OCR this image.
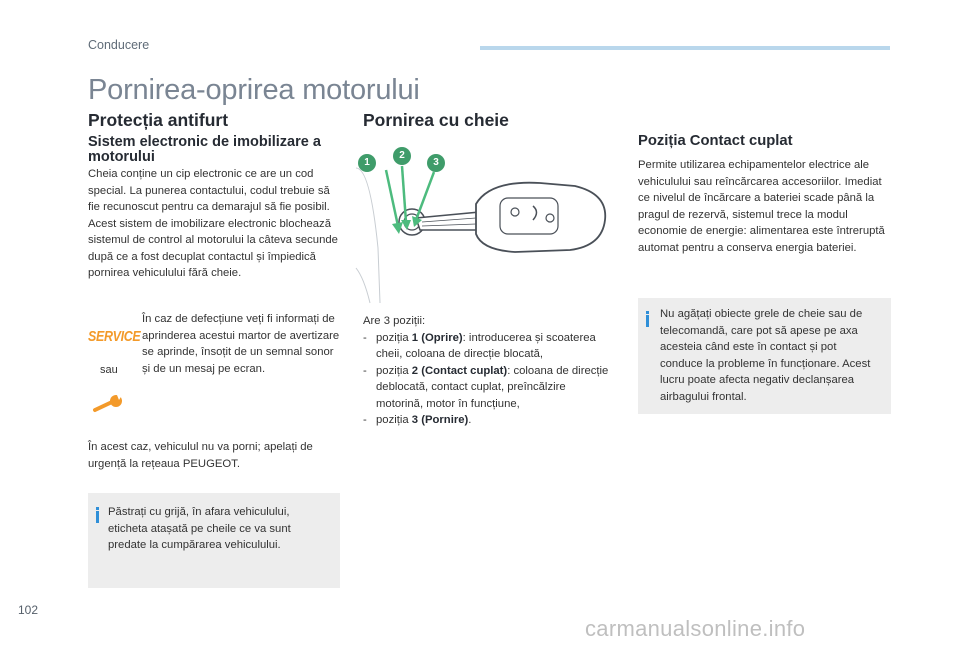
Conducere
Pornirea-oprirea motorului
Protecția antifurt
Sistem electronic de imobilizare a motorului
Cheia conține un cip electronic ce are un cod special. La punerea contactului, codul trebuie să fie recunoscut pentru ca demarajul să fie posibil.
Acest sistem de imobilizare electronic blochează sistemul de control al motorului la câteva secunde după ce a fost decuplat contactul și împiedică pornirea vehiculului fără cheie.
SERVICE
sau
În caz de defecțiune veți fi informați de aprinderea acestui martor de avertizare se aprinde, însoțit de un semnal sonor și de un mesaj pe ecran.
În acest caz, vehiculul nu va porni; apelați de urgență la rețeaua PEUGEOT.
Păstrați cu grijă, în afara vehiculului, eticheta atașată pe cheile ce va sunt predate la cumpărarea vehiculului.
Pornirea cu cheie
1
2
3
Are 3 poziții:
- poziția 1 (Oprire): introducerea și scoaterea cheii, coloana de direcție blocată,
- poziția 2 (Contact cuplat): coloana de direcție deblocată, contact cuplat, preîncălzire motorină, motor în funcțiune,
- poziția 3 (Pornire).
Poziția Contact cuplat
Permite utilizarea echipamentelor electrice ale vehiculului sau reîncărcarea accesoriilor. Imediat ce nivelul de încărcare a bateriei scade până la pragul de rezervă, sistemul trece la modul economie de energie: alimentarea este întreruptă automat pentru a conserva energia bateriei.
Nu agățați obiecte grele de cheie sau de telecomandă, care pot să apese pe axa acesteia când este în contact și pot conduce la probleme în funcționare. Acest lucru poate afecta negativ declanșarea airbagului frontal.
102
carmanualsonline.info
